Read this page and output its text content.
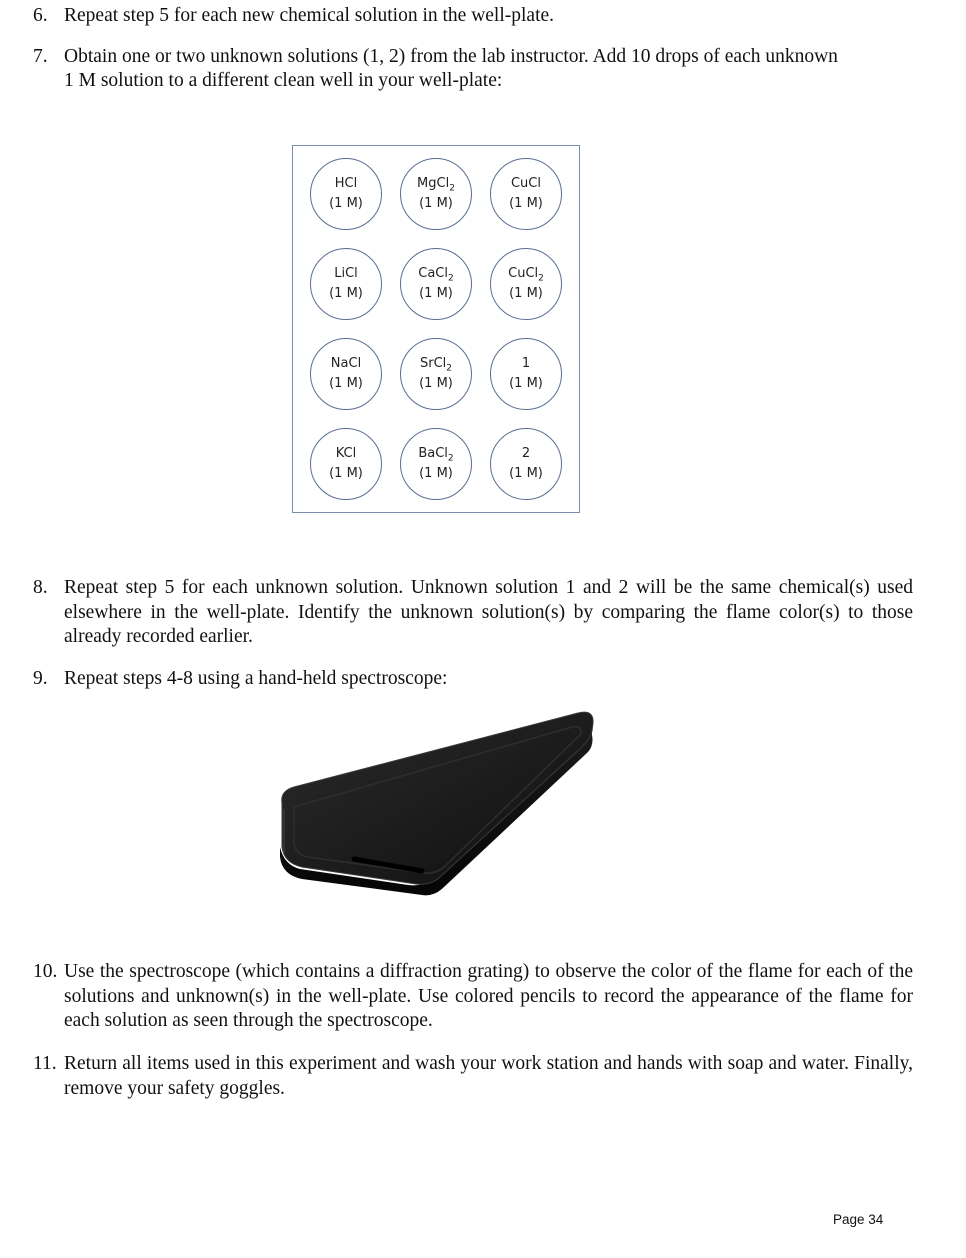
6. Repeat step 5 for each new chemical solution in the well-plate.
7. Obtain one or two unknown solutions (1, 2) from the lab instructor. Add 10 drops of each unknown
1 M solution to a different clean well in your well-plate:
HCl
(1 M)
MgCl$_2$
(1 M)
CuCl
(1 M)
LiCl
(1 M)
CaCl$_2$
(1 M)
CuCl$_2$
(1 M)
NaCl
(1 M)
SrCl$_2$
(1 M)
1
(1 M)
KCl
(1 M)
BaCl$_2$
(1 M)
2
(1 M)
8. Repeat step 5 for each unknown solution. Unknown solution 1 and 2 will be the same chemical(s) used elsewhere in the well-plate. Identify the unknown solution(s) by comparing the flame color(s) to those already recorded earlier.
9. Repeat steps 4-8 using a hand-held spectroscope:
10. Use the spectroscope (which contains a diffraction grating) to observe the color of the flame for each of the solutions and unknown(s) in the well-plate. Use colored pencils to record the appearance of the flame for each solution as seen through the spectroscope.
11. Return all items used in this experiment and wash your work station and hands with soap and water. Finally, remove your safety goggles.
Page 34
